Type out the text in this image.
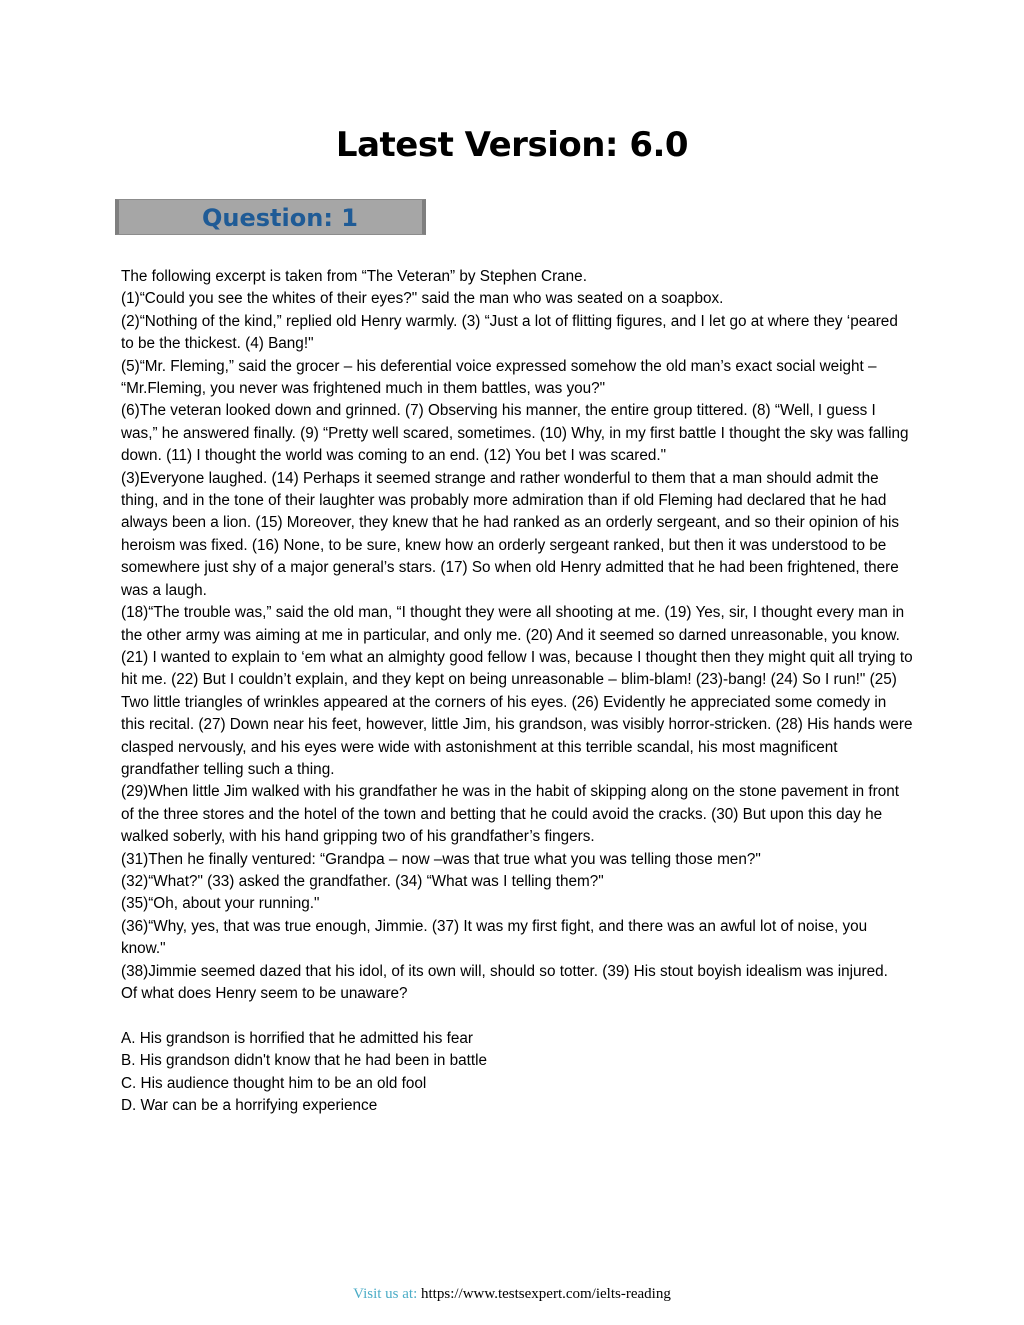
Latest Version: 6.0
Question: 1

The following excerpt is taken from “The Veteran” by Stephen Crane.

(1)“Could you see the whites of their eyes?" said the man who was seated on a soapbox.

(2)“Nothing of the kind,” replied old Henry warmly. (3) “Just a lot of flitting figures, and I let go at where they ‘peared to be the thickest. (4) Bang!"

(5)“Mr. Fleming,” said the grocer – his deferential voice expressed somehow the old man’s exact social weight – “Mr.Fleming, you never was frightened much in them battles, was you?"

(6)The veteran looked down and grinned. (7) Observing his manner, the entire group tittered. (8) “Well, I guess I was,” he answered finally. (9) “Pretty well scared, sometimes. (10) Why, in my first battle I thought the sky was falling down. (11) I thought the world was coming to an end. (12) You bet I was scared."

(3)Everyone laughed. (14) Perhaps it seemed strange and rather wonderful to them that a man should admit the thing, and in the tone of their laughter was probably more admiration than if old Fleming had declared that he had always been a lion. (15) Moreover, they knew that he had ranked as an orderly sergeant, and so their opinion of his heroism was fixed. (16) None, to be sure, knew how an orderly sergeant ranked, but then it was understood to be somewhere just shy of a major general’s stars. (17) So when old Henry admitted that he had been frightened, there was a laugh.

(18)“The trouble was,” said the old man, “I thought they were all shooting at me. (19) Yes, sir, I thought every man in the other army was aiming at me in particular, and only me. (20) And it seemed so darned unreasonable, you know. (21) I wanted to explain to ‘em what an almighty good fellow I was, because I thought then they might quit all trying to hit me. (22) But I couldn’t explain, and they kept on being unreasonable – blim-blam! (23)-bang! (24) So I run!" (25) Two little triangles of wrinkles appeared at the corners of his eyes. (26) Evidently he appreciated some comedy in this recital. (27) Down near his feet, however, little Jim, his grandson, was visibly horror-stricken. (28) His hands were clasped nervously, and his eyes were wide with astonishment at this terrible scandal, his most magnificent grandfather telling such a thing.

(29)When little Jim walked with his grandfather he was in the habit of skipping along on the stone pavement in front of the three stores and the hotel of the town and betting that he could avoid the cracks. (30) But upon this day he walked soberly, with his hand gripping two of his grandfather’s fingers.

(31)Then he finally ventured: “Grandpa – now –was that true what you was telling those men?"

(32)“What?" (33) asked the grandfather. (34) “What was I telling them?"

(35)“Oh, about your running."

(36)“Why, yes, that was true enough, Jimmie. (37) It was my first fight, and there was an awful lot of noise, you know."

(38)Jimmie seemed dazed that his idol, of its own will, should so totter. (39) His stout boyish idealism was injured.

Of what does Henry seem to be unaware?

A. His grandson is horrified that he admitted his fear
B. His grandson didn't know that he had been in battle
C. His audience thought him to be an old fool
D. War can be a horrifying experience
Visit us at: https://www.testsexpert.com/ielts-reading
